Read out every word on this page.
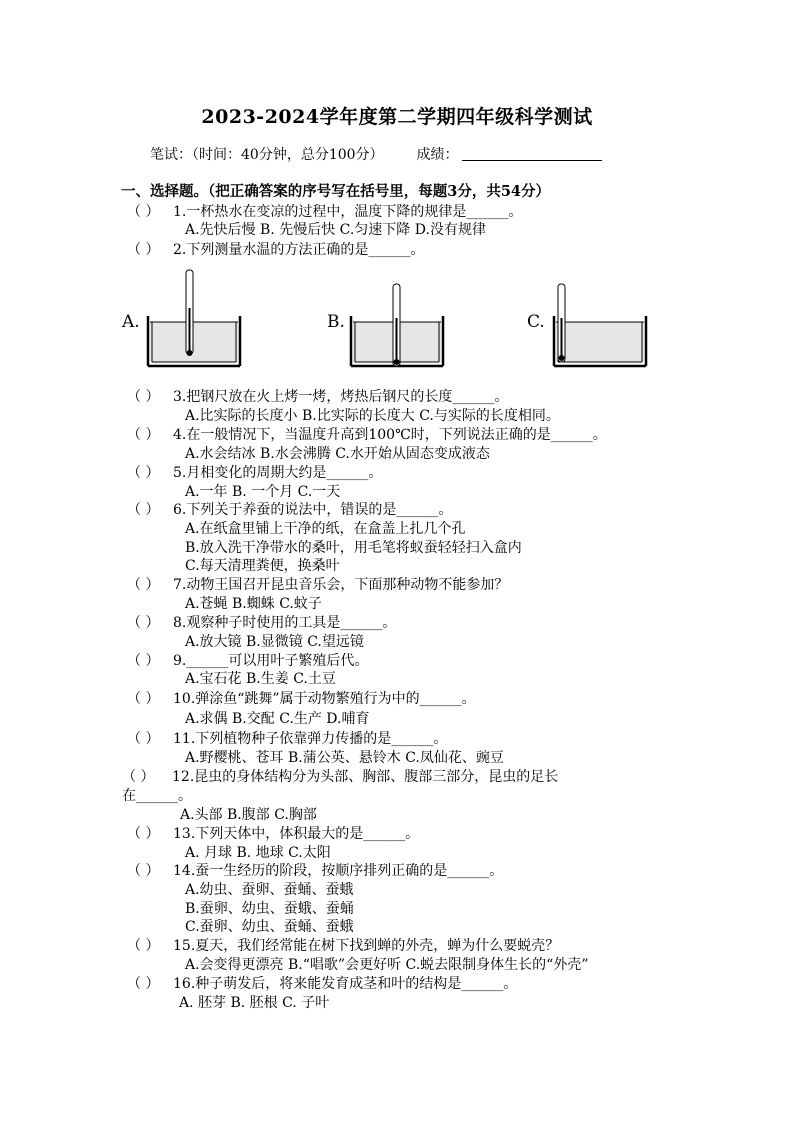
2023-2024学年度第二学期四年级科学测试
笔试：（时间：40分钟，总分100分） 成绩：
一、选择题。（把正确答案的序号写在括号里，每题3分，共54分）
（ ） 1.一杯热水在变凉的过程中，温度下降的规律是______。
A.先快后慢 B. 先慢后快 C.匀速下降 D.没有规律
（ ） 2.下列测量水温的方法正确的是______。
A.	B.	C.
（ ） 3.把钢尺放在火上烤一烤，烤热后钢尺的长度______。
A.比实际的长度小 B.比实际的长度大 C.与实际的长度相同。
（ ） 4.在一般情况下，当温度升高到100℃时，下列说法正确的是______。
A.水会结冰 B.水会沸腾 C.水开始从固态变成液态
（ ） 5.月相变化的周期大约是______。
A.一年 B. 一个月 C.一天
（ ） 6.下列关于养蚕的说法中，错误的是______。
A.在纸盒里铺上干净的纸，在盒盖上扎几个孔
B.放入洗干净带水的桑叶，用毛笔将蚁蚕轻轻扫入盒内
C.每天清理粪便，换桑叶
（ ） 7.动物王国召开昆虫音乐会，下面那种动物不能参加？
A.苍蝇 B.蜘蛛 C.蚊子
（ ） 8.观察种子时使用的工具是______。
A.放大镜 B.显微镜 C.望远镜
（ ） 9.______可以用叶子繁殖后代。
A.宝石花 B.生姜 C.土豆
（ ） 10.弹涂鱼“跳舞”属于动物繁殖行为中的______。
A.求偶 B.交配 C.生产 D.哺育
（ ） 11.下列植物种子依靠弹力传播的是______。
A.野樱桃、苍耳 B.蒲公英、悬铃木 C.凤仙花、豌豆
（ ） 12.昆虫的身体结构分为头部、胸部、腹部三部分，昆虫的足长
在______。
A.头部 B.腹部 C.胸部
（ ） 13.下列天体中，体积最大的是______。
A. 月球 B. 地球 C.太阳
（ ） 14.蚕一生经历的阶段，按顺序排列正确的是______。
A.幼虫、蚕卵、蚕蛹、蚕蛾
B.蚕卵、幼虫、蚕蛾、蚕蛹
C.蚕卵、幼虫、蚕蛹、蚕蛾
（ ） 15.夏天，我们经常能在树下找到蝉的外壳，蝉为什么要蜕壳？
A.会变得更漂亮 B.“唱歌”会更好听 C.蜕去限制身体生长的“外壳”
（ ） 16.种子萌发后，将来能发育成茎和叶的结构是______。
A. 胚芽 B. 胚根 C. 子叶
